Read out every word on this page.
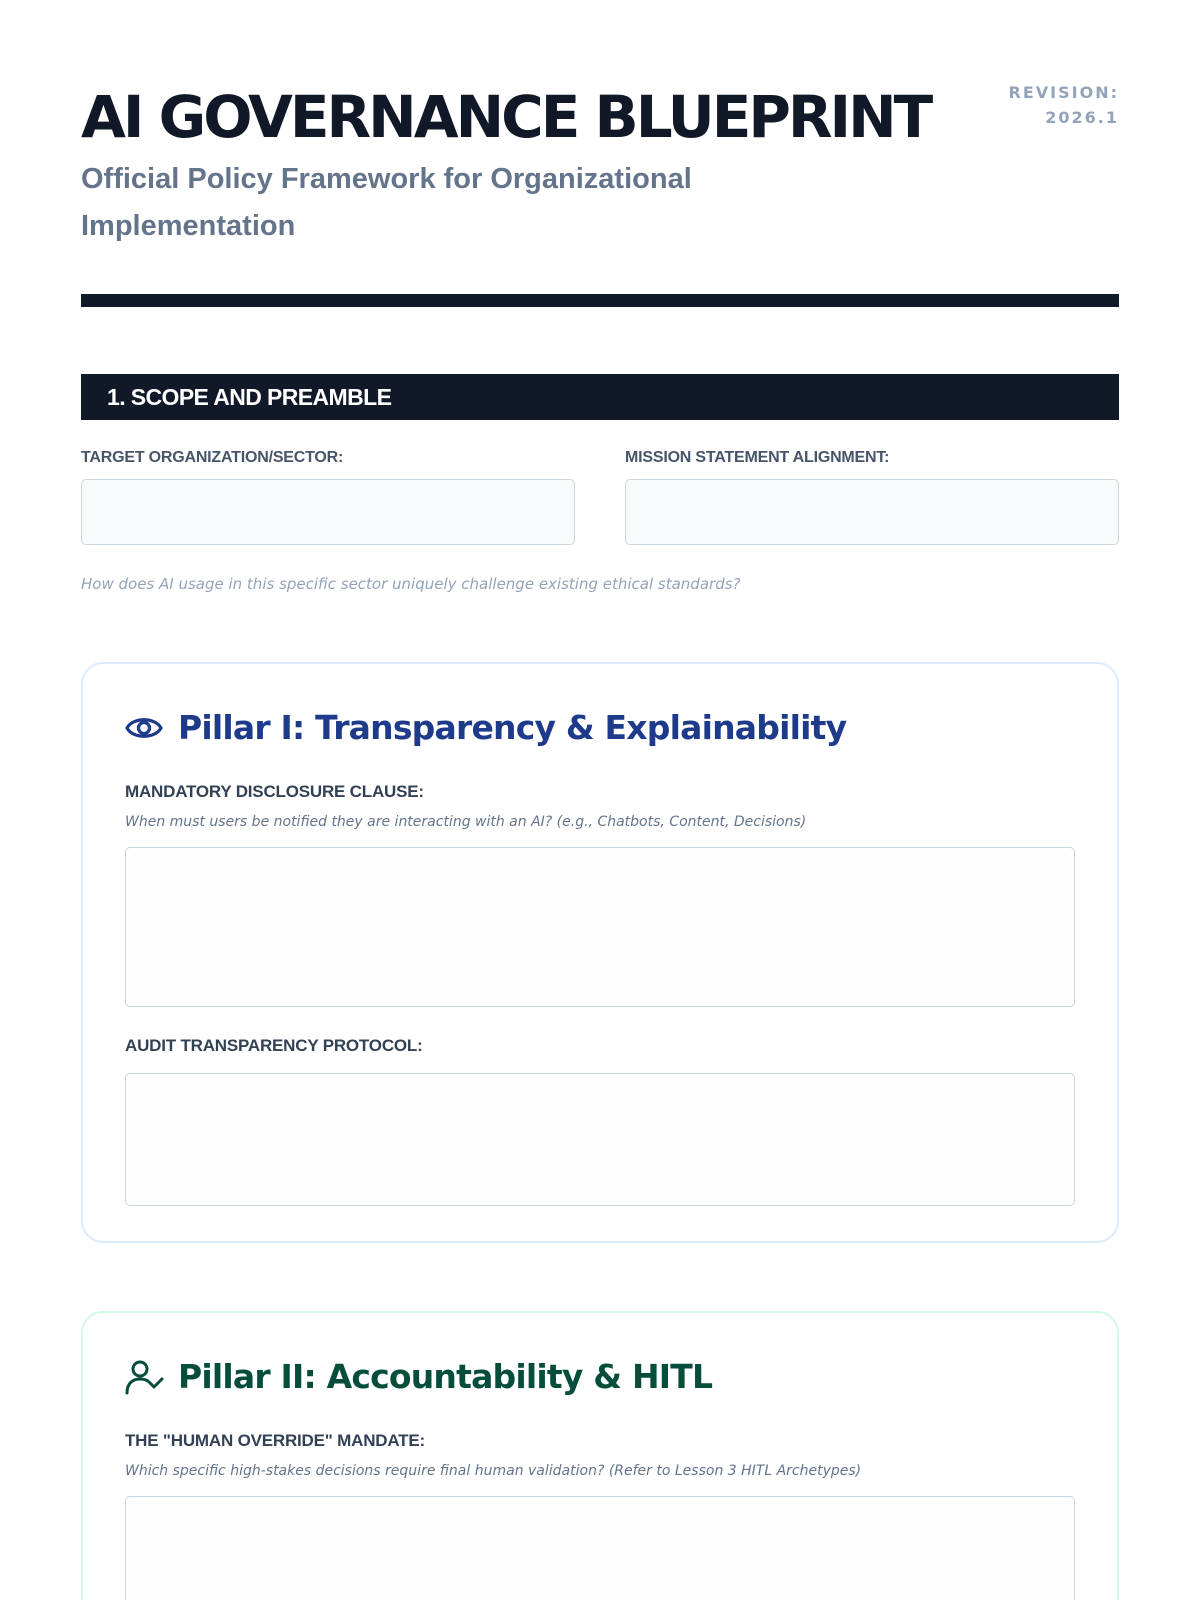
AI GOVERNANCE BLUEPRINT
Official Policy Framework for Organizational Implementation
REVISION:
2026.1
1. SCOPE AND PREAMBLE
TARGET ORGANIZATION/SECTOR:	MISSION STATEMENT ALIGNMENT:
How does AI usage in this specific sector uniquely challenge existing ethical standards?
Pillar I: Transparency & Explainability
MANDATORY DISCLOSURE CLAUSE:
When must users be notified they are interacting with an AI? (e.g., Chatbots, Content, Decisions)
AUDIT TRANSPARENCY PROTOCOL:
Pillar II: Accountability & HITL
THE "HUMAN OVERRIDE" MANDATE:
Which specific high-stakes decisions require final human validation? (Refer to Lesson 3 HITL Archetypes)
